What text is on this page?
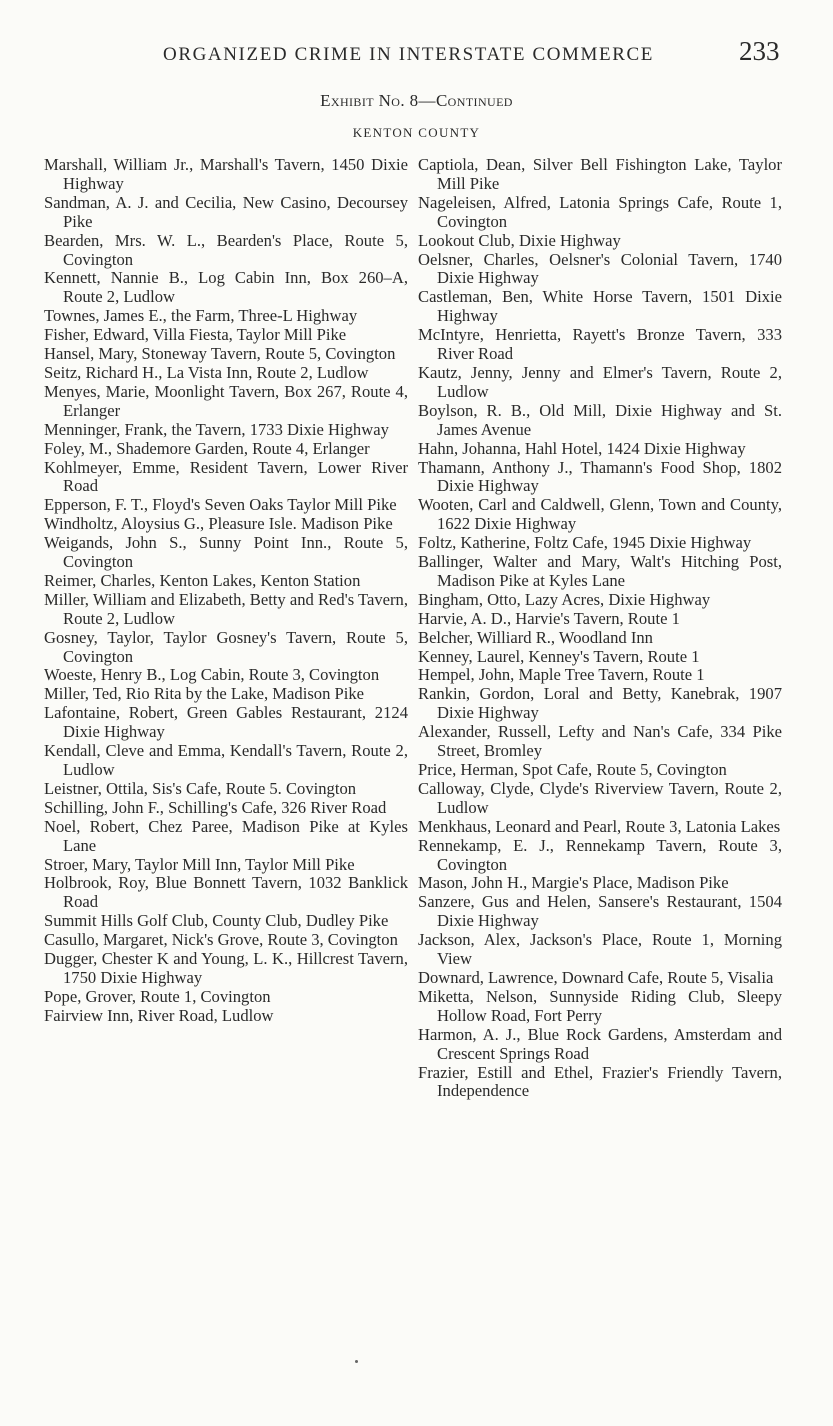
ORGANIZED CRIME IN INTERSTATE COMMERCE	233
Exhibit No. 8—Continued
KENTON COUNTY
Marshall, William Jr., Marshall's Tavern, 1450 Dixie Highway
Sandman, A. J. and Cecilia, New Casino, Decoursey Pike
Bearden, Mrs. W. L., Bearden's Place, Route 5, Covington
Kennett, Nannie B., Log Cabin Inn, Box 260–A, Route 2, Ludlow
Townes, James E., the Farm, Three-L Highway
Fisher, Edward, Villa Fiesta, Taylor Mill Pike
Hansel, Mary, Stoneway Tavern, Route 5, Covington
Seitz, Richard H., La Vista Inn, Route 2, Ludlow
Menyes, Marie, Moonlight Tavern, Box 267, Route 4, Erlanger
Menninger, Frank, the Tavern, 1733 Dixie Highway
Foley, M., Shademore Garden, Route 4, Erlanger
Kohlmeyer, Emme, Resident Tavern, Lower River Road
Epperson, F. T., Floyd's Seven Oaks Taylor Mill Pike
Windholtz, Aloysius G., Pleasure Isle. Madison Pike
Weigands, John S., Sunny Point Inn., Route 5, Covington
Reimer, Charles, Kenton Lakes, Kenton Station
Miller, William and Elizabeth, Betty and Red's Tavern, Route 2, Ludlow
Gosney, Taylor, Taylor Gosney's Tavern, Route 5, Covington
Woeste, Henry B., Log Cabin, Route 3, Covington
Miller, Ted, Rio Rita by the Lake, Madison Pike
Lafontaine, Robert, Green Gables Restaurant, 2124 Dixie Highway
Kendall, Cleve and Emma, Kendall's Tavern, Route 2, Ludlow
Leistner, Ottila, Sis's Cafe, Route 5. Covington
Schilling, John F., Schilling's Cafe, 326 River Road
Noel, Robert, Chez Paree, Madison Pike at Kyles Lane
Stroer, Mary, Taylor Mill Inn, Taylor Mill Pike
Holbrook, Roy, Blue Bonnett Tavern, 1032 Banklick Road
Summit Hills Golf Club, County Club, Dudley Pike
Casullo, Margaret, Nick's Grove, Route 3, Covington
Dugger, Chester K and Young, L. K., Hillcrest Tavern, 1750 Dixie Highway
Pope, Grover, Route 1, Covington
Fairview Inn, River Road, Ludlow
Captiola, Dean, Silver Bell Fishington Lake, Taylor Mill Pike
Nageleisen, Alfred, Latonia Springs Cafe, Route 1, Covington
Lookout Club, Dixie Highway
Oelsner, Charles, Oelsner's Colonial Tavern, 1740 Dixie Highway
Castleman, Ben, White Horse Tavern, 1501 Dixie Highway
McIntyre, Henrietta, Rayett's Bronze Tavern, 333 River Road
Kautz, Jenny, Jenny and Elmer's Tavern, Route 2, Ludlow
Boylson, R. B., Old Mill, Dixie Highway and St. James Avenue
Hahn, Johanna, Hahl Hotel, 1424 Dixie Highway
Thamann, Anthony J., Thamann's Food Shop, 1802 Dixie Highway
Wooten, Carl and Caldwell, Glenn, Town and County, 1622 Dixie Highway
Foltz, Katherine, Foltz Cafe, 1945 Dixie Highway
Ballinger, Walter and Mary, Walt's Hitching Post, Madison Pike at Kyles Lane
Bingham, Otto, Lazy Acres, Dixie Highway
Harvie, A. D., Harvie's Tavern, Route 1
Belcher, Williard R., Woodland Inn
Kenney, Laurel, Kenney's Tavern, Route 1
Hempel, John, Maple Tree Tavern, Route 1
Rankin, Gordon, Loral and Betty, Kanebrak, 1907 Dixie Highway
Alexander, Russell, Lefty and Nan's Cafe, 334 Pike Street, Bromley
Price, Herman, Spot Cafe, Route 5, Covington
Calloway, Clyde, Clyde's Riverview Tavern, Route 2, Ludlow
Menkhaus, Leonard and Pearl, Route 3, Latonia Lakes
Rennekamp, E. J., Rennekamp Tavern, Route 3, Covington
Mason, John H., Margie's Place, Madison Pike
Sanzere, Gus and Helen, Sansere's Restaurant, 1504 Dixie Highway
Jackson, Alex, Jackson's Place, Route 1, Morning View
Downard, Lawrence, Downard Cafe, Route 5, Visalia
Miketta, Nelson, Sunnyside Riding Club, Sleepy Hollow Road, Fort Perry
Harmon, A. J., Blue Rock Gardens, Amsterdam and Crescent Springs Road
Frazier, Estill and Ethel, Frazier's Friendly Tavern, Independence
